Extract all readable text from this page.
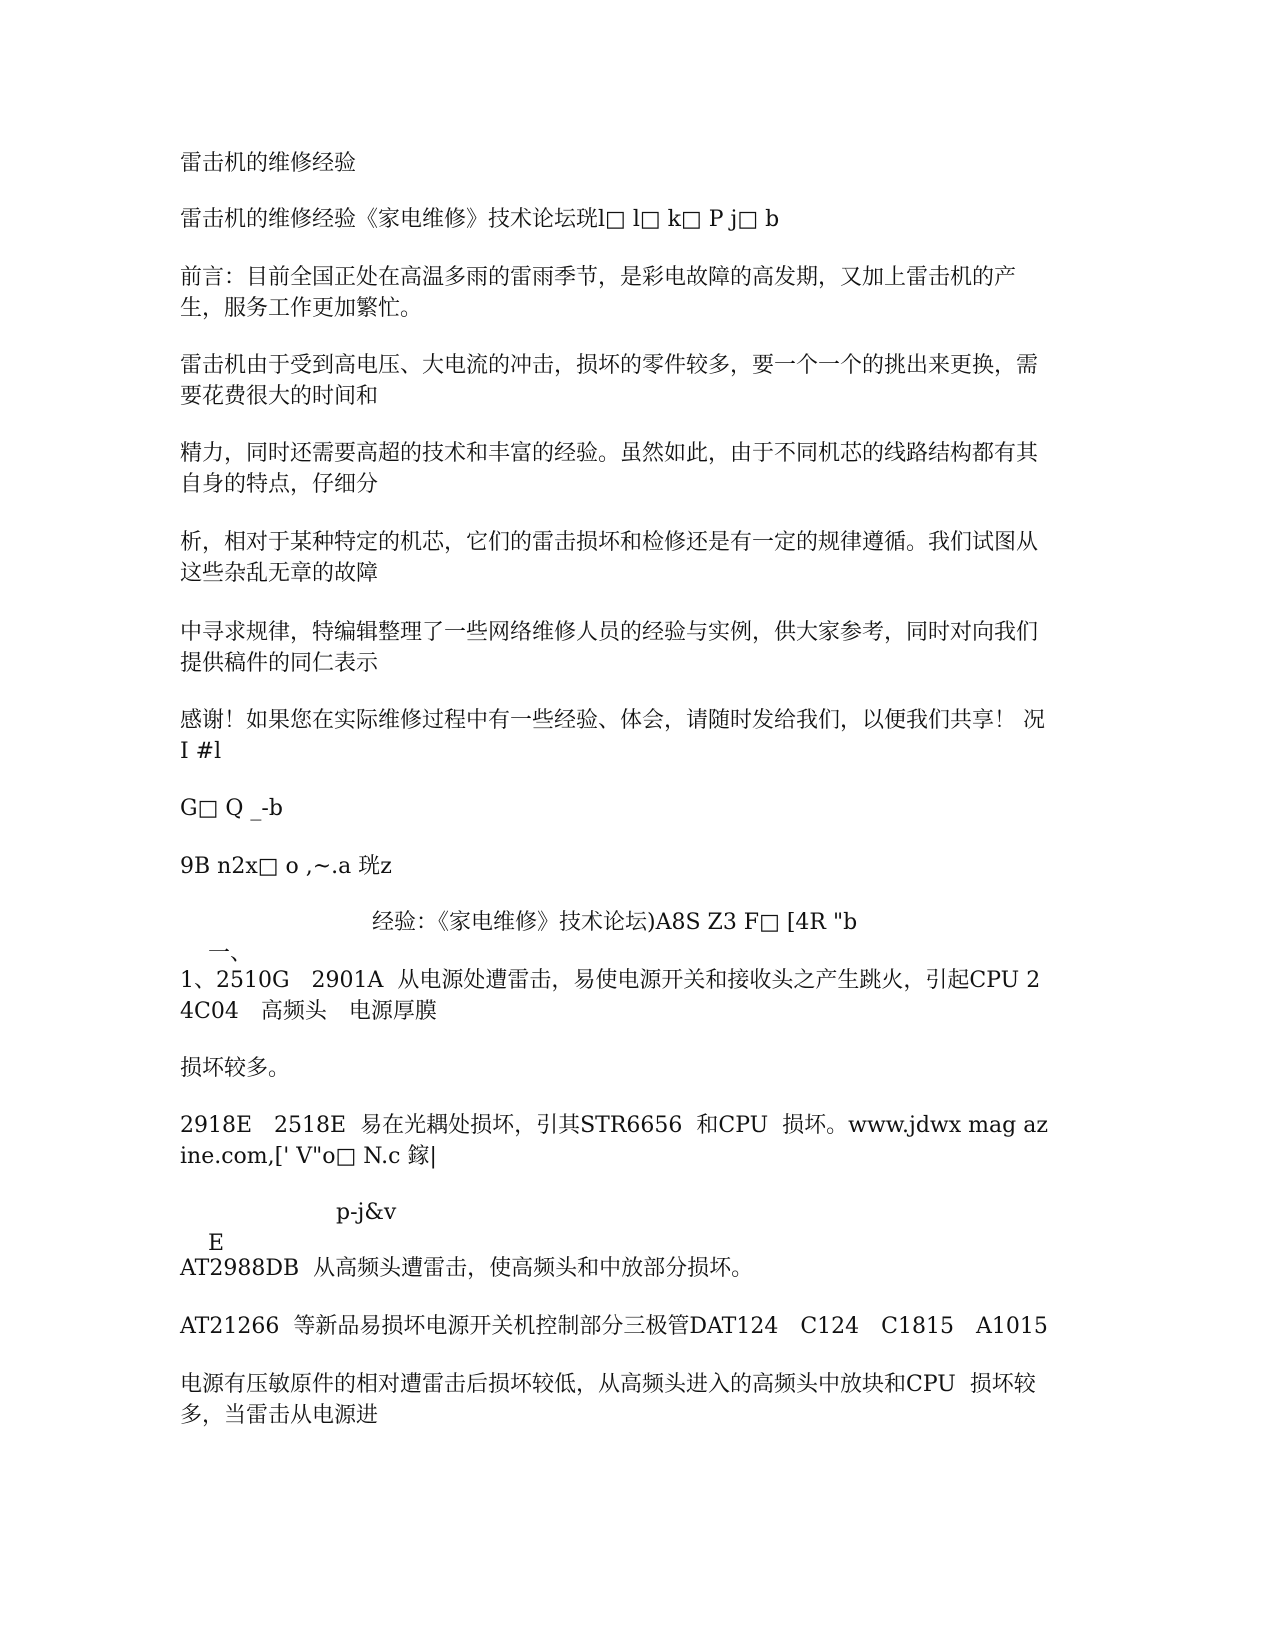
雷击机的维修经验

雷击机的维修经验《家电维修》技术论坛珖l□ l□ k□ P j□ b

前言：目前全国正处在高温多雨的雷雨季节，是彩电故障的高发期，又加上雷击机的产生，服务工作更加繁忙。

雷击机由于受到高电压、大电流的冲击，损坏的零件较多，要一个一个的挑出来更换，需要花费很大的时间和

精力，同时还需要高超的技术和丰富的经验。虽然如此，由于不同机芯的线路结构都有其自身的特点，仔细分

析，相对于某种特定的机芯，它们的雷击损坏和检修还是有一定的规律遵循。我们试图从这些杂乱无章的故障

中寻求规律，特编辑整理了一些网络维修人员的经验与实例，供大家参考，同时对向我们提供稿件的同仁表示

感谢！如果您在实际维修过程中有一些经验、体会，请随时发给我们，以便我们共享！ 况I #l

G□ Q _-b

9B n2x□ o ,~.a 珖z

一、

经验：《家电维修》技术论坛)A8S Z3 F□ [4R "b

1、2510G　2901A  从电源处遭雷击，易使电源开关和接收头之产生跳火，引起CPU 24C04　高频头　电源厚膜

损坏较多。

2918E　2518E  易在光耦处损坏，引其STR6656  和CPU  损坏。www.jdwx mag azine.com,[' V"o□ N.c 鎵|

E

p-j&v

AT2988DB  从高频头遭雷击，使高频头和中放部分损坏。

AT21266  等新品易损坏电源开关机控制部分三极管DAT124　C124　C1815　A1015

电源有压敏原件的相对遭雷击后损坏较低，从高频头进入的高频头中放块和CPU  损坏较多，当雷击从电源进
